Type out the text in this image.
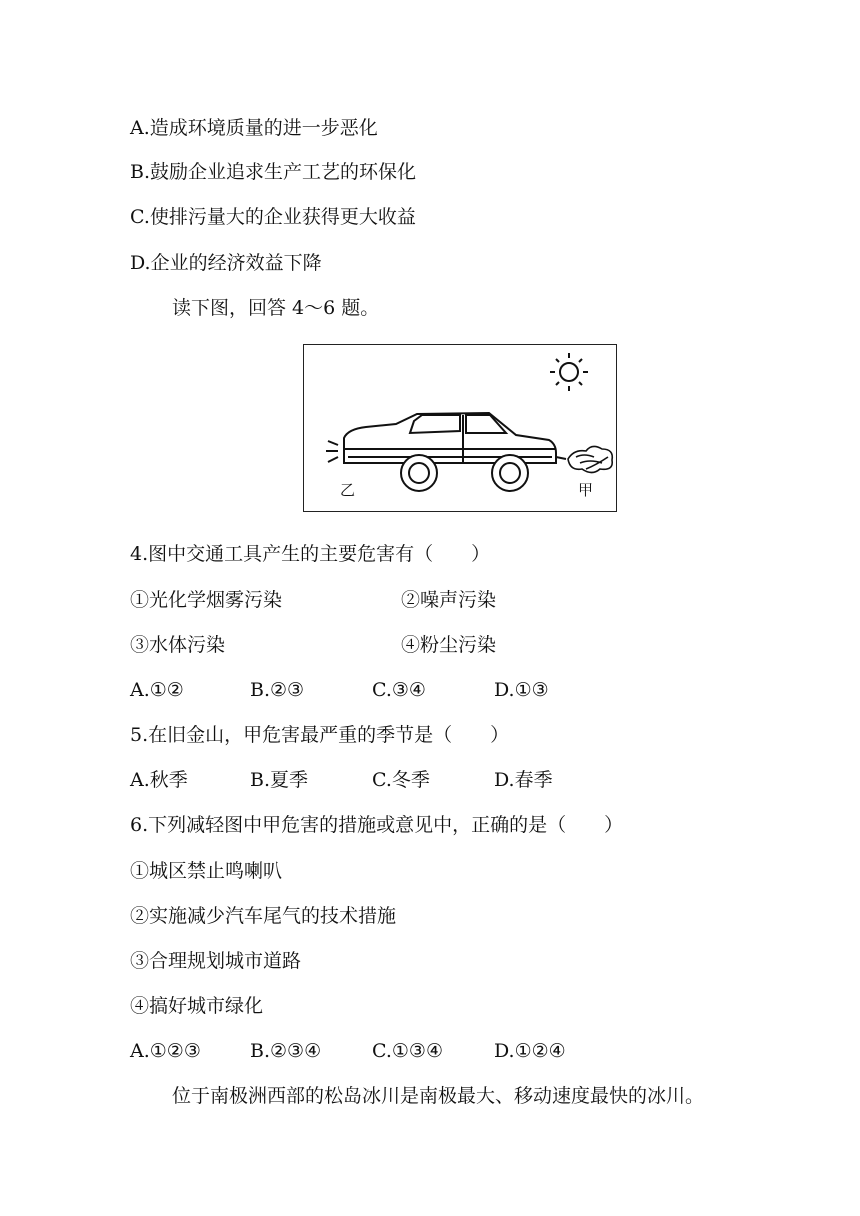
A.造成环境质量的进一步恶化
B.鼓励企业追求生产工艺的环保化
C.使排污量大的企业获得更大收益
D.企业的经济效益下降
读下图，回答 4～6 题。
乙	甲
4.图中交通工具产生的主要危害有（　　）
①光化学烟雾污染	②噪声污染
③水体污染	④粉尘污染
A.①②	B.②③	C.③④	D.①③
5.在旧金山，甲危害最严重的季节是（　　）
A.秋季	B.夏季	C.冬季	D.春季
6.下列减轻图中甲危害的措施或意见中，正确的是（　　）
①城区禁止鸣喇叭
②实施减少汽车尾气的技术措施
③合理规划城市道路
④搞好城市绿化
A.①②③	B.②③④	C.①③④	D.①②④
位于南极洲西部的松岛冰川是南极最大、移动速度最快的冰川。
